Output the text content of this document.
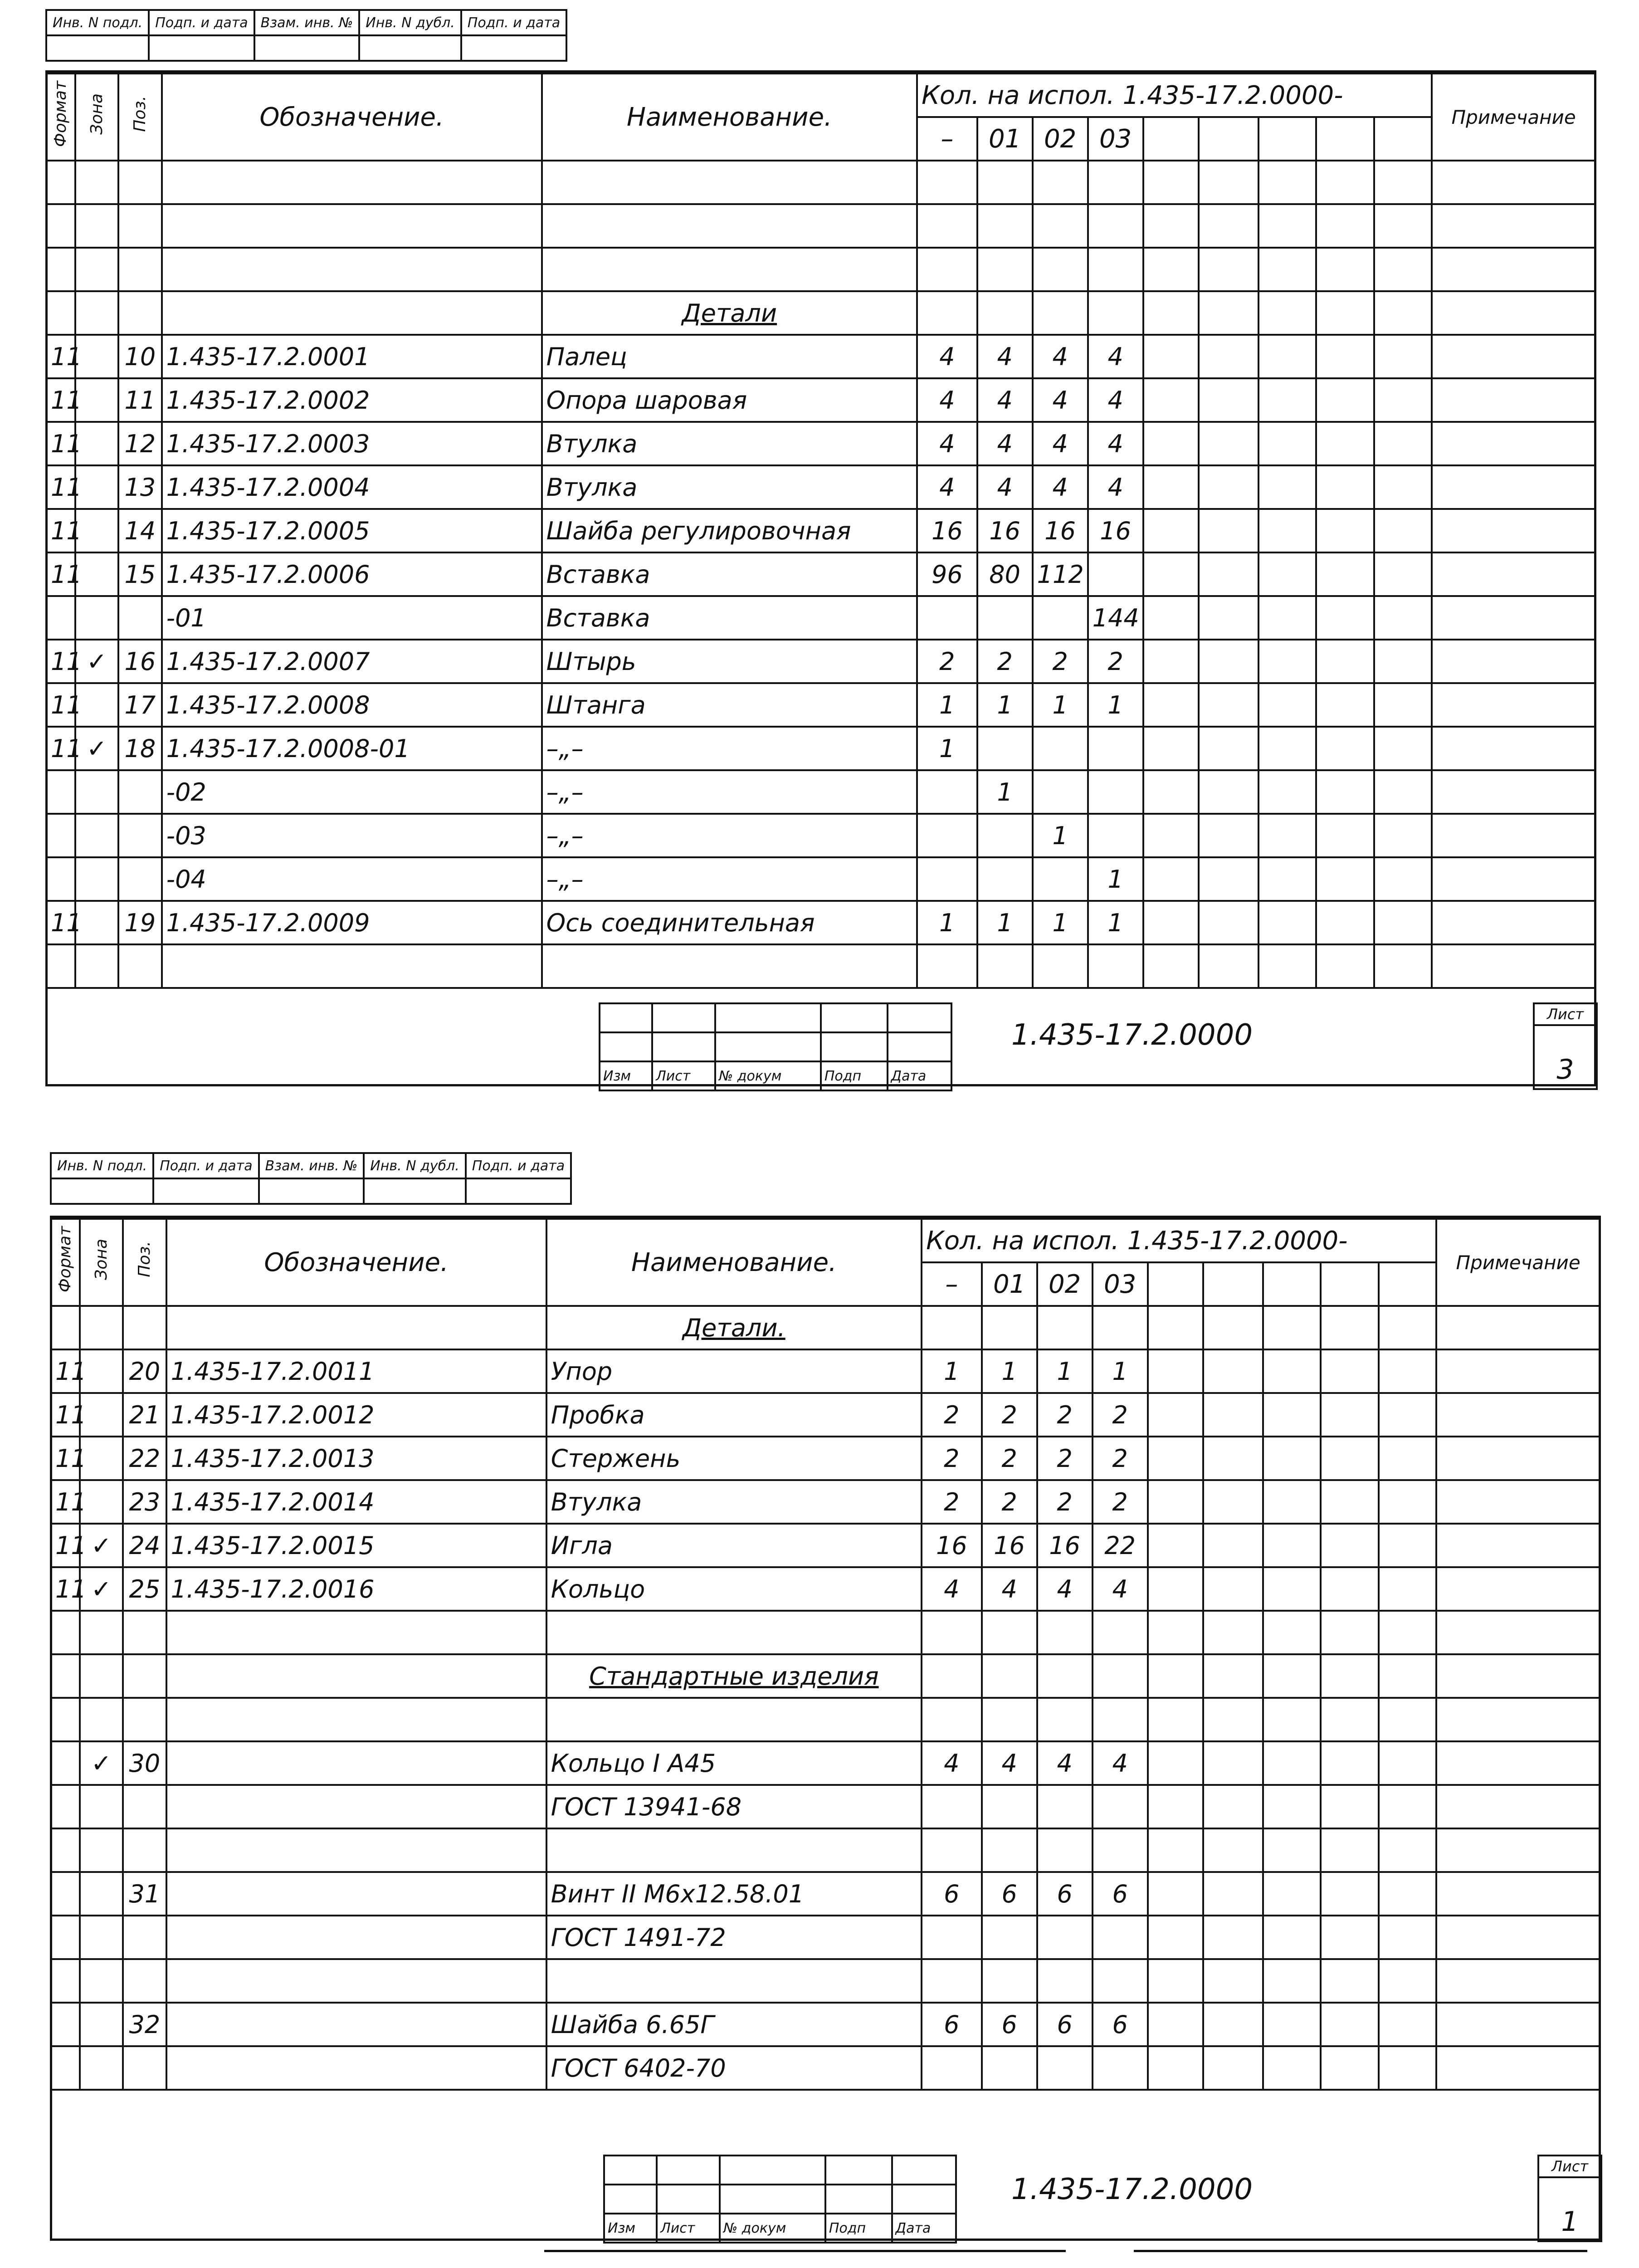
Инв. N подл.	Подп. и дата	Взам. инв. №	Инв. N дубл.	Подп. и дата

Формат	Зона	Поз.	Обозначение.	Наименование.	Кол. на испол. 1.435-17.2.0000-									Примечание
					–	01	02	03						

				Детали										
11		10	1.435-17.2.0001	Палец	4	4	4	4						
11		11	1.435-17.2.0002	Опора шаровая	4	4	4	4						
11		12	1.435-17.2.0003	Втулка	4	4	4	4						
11		13	1.435-17.2.0004	Втулка	4	4	4	4						
11		14	1.435-17.2.0005	Шайба регулировочная	16	16	16	16						
11		15	1.435-17.2.0006	Вставка	96	80	112							
			-01	Вставка				144						
11	✓	16	1.435-17.2.0007	Штырь	2	2	2	2						
11		17	1.435-17.2.0008	Штанга	1	1	1	1						
11	✓	18	1.435-17.2.0008-01	–„–	1									
			-02	–„–		1								
			-03	–„–			1							
			-04	–„–				1						
11		19	1.435-17.2.0009	Ось соединительная	1	1	1	1						

Изм	Лист	№ докум	Подп	Дата
1.435-17.2.0000
Лист
3
Инв. N подл.	Подп. и дата	Взам. инв. №	Инв. N дубл.	Подп. и дата

Формат	Зона	Поз.	Обозначение.	Наименование.	Кол. на испол. 1.435-17.2.0000-									Примечание
					–	01	02	03						
				Детали.										
11		20	1.435-17.2.0011	Упор	1	1	1	1						
11		21	1.435-17.2.0012	Пробка	2	2	2	2						
11		22	1.435-17.2.0013	Стержень	2	2	2	2						
11		23	1.435-17.2.0014	Втулка	2	2	2	2						
11	✓	24	1.435-17.2.0015	Игла	16	16	16	22						
11	✓	25	1.435-17.2.0016	Кольцо	4	4	4	4						

				Стандартные изделия										

	✓	30		Кольцо I A45	4	4	4	4						
				ГОСТ 13941-68										

		31		Винт II M6x12.58.01	6	6	6	6						
				ГОСТ 1491-72										

		32		Шайба 6.65Г	6	6	6	6						
				ГОСТ 6402-70										

Изм	Лист	№ докум	Подп	Дата
1.435-17.2.0000
Лист
1
